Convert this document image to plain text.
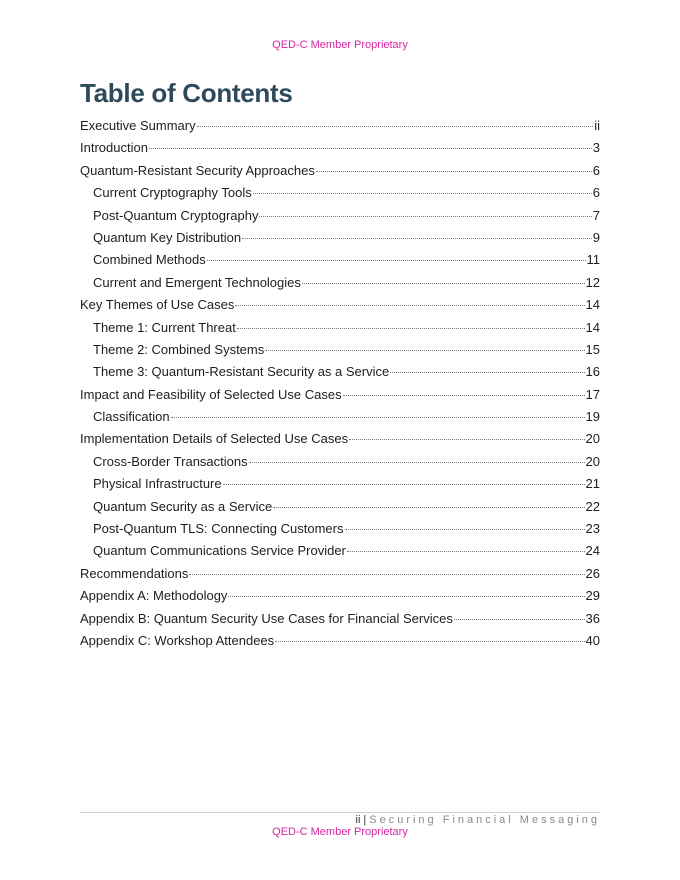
QED-C Member Proprietary
Table of Contents
Executive Summary	ii
Introduction	3
Quantum-Resistant Security Approaches	6
Current Cryptography Tools	6
Post-Quantum Cryptography	7
Quantum Key Distribution	9
Combined Methods	11
Current and Emergent Technologies	12
Key Themes of Use Cases	14
Theme 1: Current Threat	14
Theme 2: Combined Systems	15
Theme 3: Quantum-Resistant Security as a Service	16
Impact and Feasibility of Selected Use Cases	17
Classification	19
Implementation Details of Selected Use Cases	20
Cross-Border Transactions	20
Physical Infrastructure	21
Quantum Security as a Service	22
Post-Quantum TLS: Connecting Customers	23
Quantum Communications Service Provider	24
Recommendations	26
Appendix A: Methodology	29
Appendix B: Quantum Security Use Cases for Financial Services	36
Appendix C: Workshop Attendees	40
ii | Securing Financial Messaging
QED-C Member Proprietary
